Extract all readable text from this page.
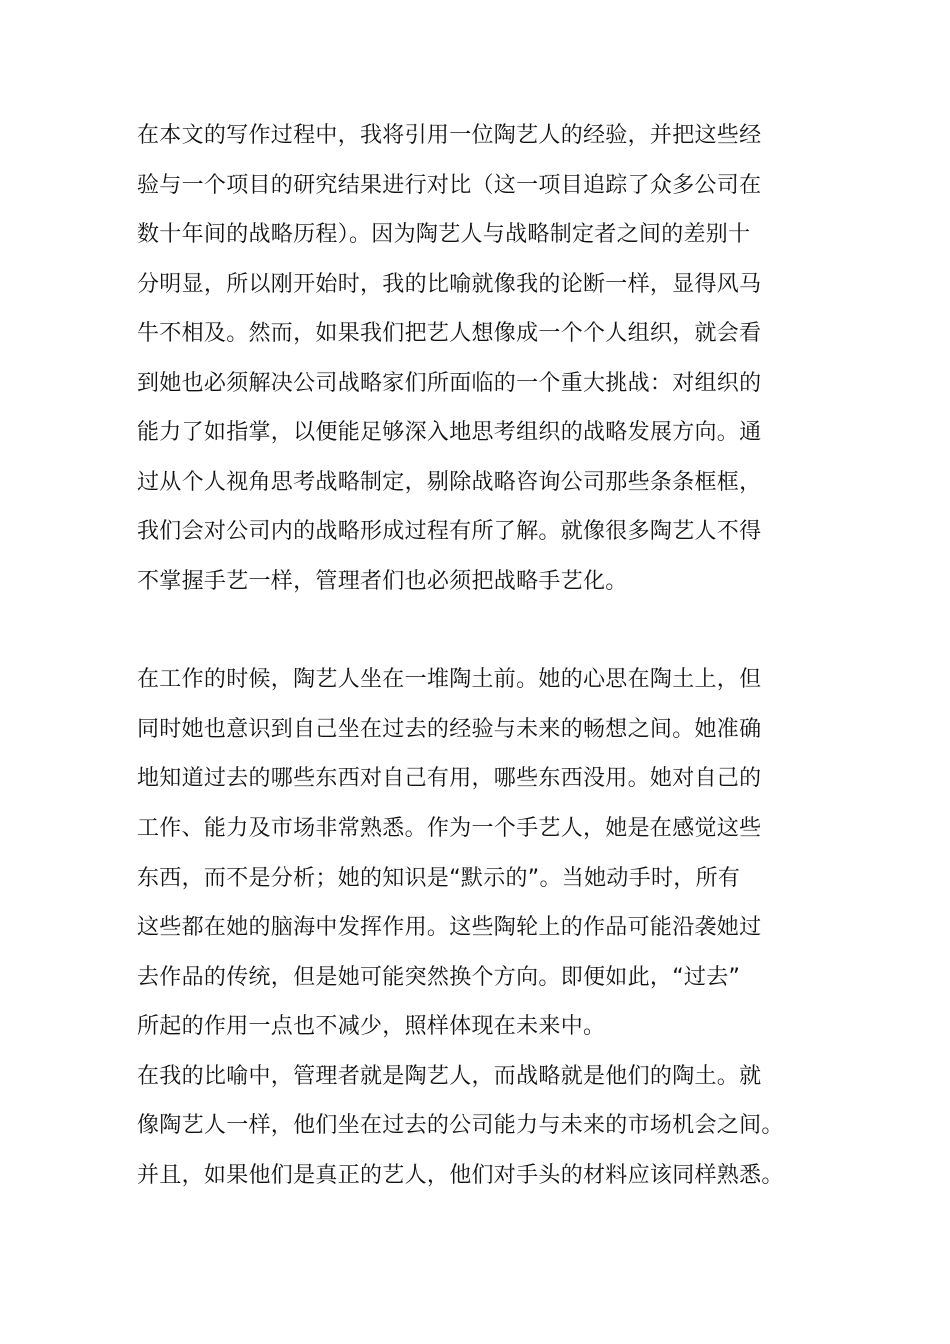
在本文的写作过程中，我将引用一位陶艺人的经验，并把这些经
验与一个项目的研究结果进行对比（这一项目追踪了众多公司在
数十年间的战略历程）。因为陶艺人与战略制定者之间的差别十
分明显，所以刚开始时，我的比喻就像我的论断一样，显得风马
牛不相及。然而，如果我们把艺人想像成一个个人组织，就会看
到她也必须解决公司战略家们所面临的一个重大挑战：对组织的
能力了如指掌，以便能足够深入地思考组织的战略发展方向。通
过从个人视角思考战略制定，剔除战略咨询公司那些条条框框，
我们会对公司内的战略形成过程有所了解。就像很多陶艺人不得
不掌握手艺一样，管理者们也必须把战略手艺化。
在工作的时候，陶艺人坐在一堆陶土前。她的心思在陶土上，但
同时她也意识到自己坐在过去的经验与未来的畅想之间。她准确
地知道过去的哪些东西对自己有用，哪些东西没用。她对自己的
工作、能力及市场非常熟悉。作为一个手艺人，她是在感觉这些
东西，而不是分析；她的知识是“默示的”。当她动手时，所有
这些都在她的脑海中发挥作用。这些陶轮上的作品可能沿袭她过
去作品的传统，但是她可能突然换个方向。即便如此，“过去”
所起的作用一点也不减少，照样体现在未来中。
在我的比喻中，管理者就是陶艺人，而战略就是他们的陶土。就
像陶艺人一样，他们坐在过去的公司能力与未来的市场机会之间。
并且，如果他们是真正的艺人，他们对手头的材料应该同样熟悉。
